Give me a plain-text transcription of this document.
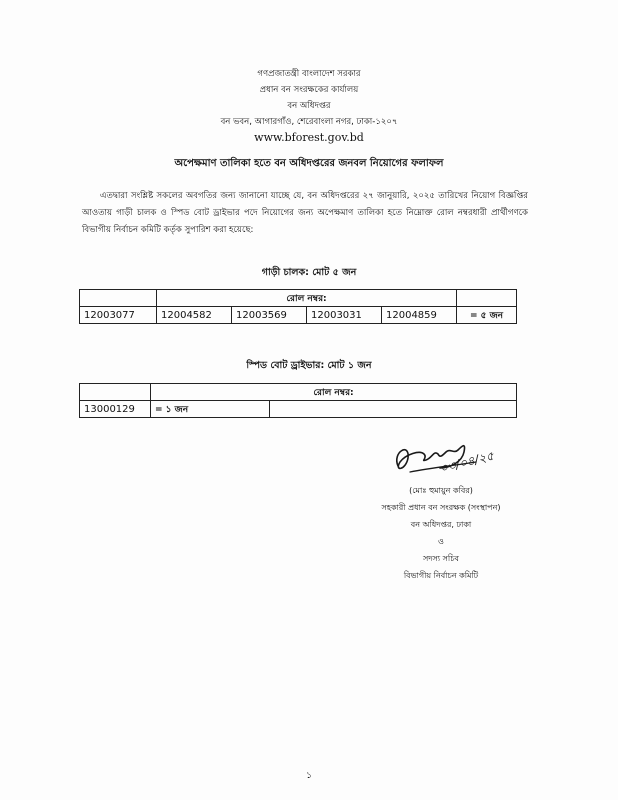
গণপ্রজাতন্ত্রী বাংলাদেশ সরকার
প্রধান বন সংরক্ষকের কার্যালয়
বন অধিদপ্তর
বন ভবন, আগারগাঁও, শেরেবাংলা নগর, ঢাকা-১২০৭
www.bforest.gov.bd
অপেক্ষমাণ তালিকা হতে বন অধিদপ্তরের জনবল নিয়োগের ফলাফল
এতদ্বারা সংশ্লিষ্ট সকলের অবগতির জন্য জানানো যাচ্ছে যে, বন অধিদপ্তরের ২৭ জানুয়ারি, ২০২৫ তারিখের নিয়োগ বিজ্ঞপ্তির আওতায় গাড়ী চালক ও স্পিড বোট ড্রাইভার পদে নিয়োগের জন্য অপেক্ষমাণ তালিকা হতে নিম্নোক্ত রোল নম্বরধারী প্রার্থীগণকে বিভাগীয় নির্বাচন কমিটি কর্তৃক সুপারিশ করা হয়েছে:
গাড়ী চালক: মোট ৫ জন
	রোল নম্বর:				
12003077	12004582	12003569	12003031	12004859	= ৫ জন
স্পিড বোট ড্রাইভার: মোট ১ জন
	রোল নম্বর:	
13000129	= ১ জন	
০৩/০৪/২৫
(মোঃ হুমায়ুন কবির)
সহকারী প্রধান বন সংরক্ষক (সংস্থাপন)
বন অধিদপ্তর, ঢাকা
ও
সদস্য সচিব
বিভাগীয় নির্বাচন কমিটি
১
